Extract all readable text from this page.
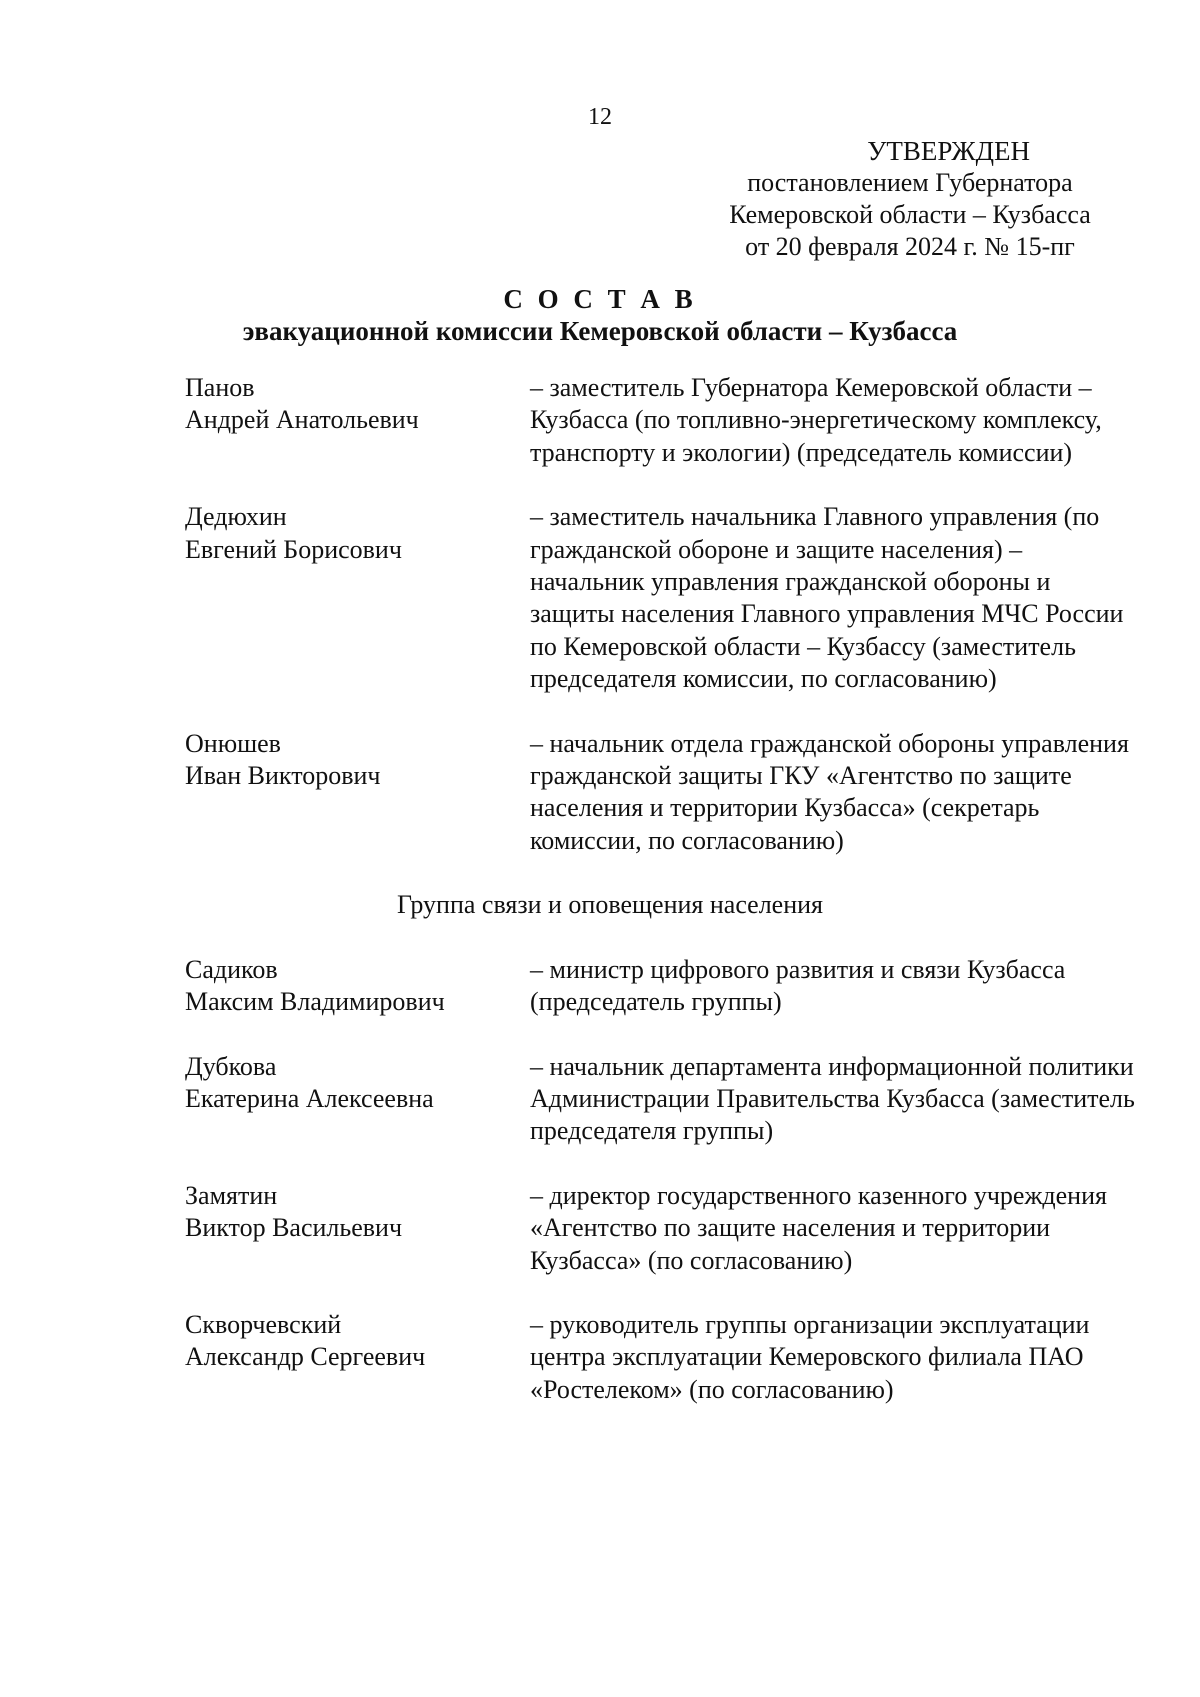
12
УТВЕРЖДЕН
постановлением Губернатора
Кемеровской области – Кузбасса
от 20 февраля 2024 г. № 15-пг
С О С Т А В
эвакуационной комиссии Кемеровской области – Кузбасса
Панов
Андрей Анатольевич
– заместитель Губернатора Кемеровской области – Кузбасса (по топливно-энергетическому комплексу, транспорту и экологии) (председатель комиссии)
Дедюхин
Евгений Борисович
– заместитель начальника Главного управления (по гражданской обороне и защите населения) – начальник управления гражданской обороны и защиты населения Главного управления МЧС России по Кемеровской области – Кузбассу (заместитель председателя комиссии, по согласованию)
Онюшев
Иван Викторович
– начальник отдела гражданской обороны управления гражданской защиты ГКУ «Агентство по защите населения и территории Кузбасса» (секретарь комиссии, по согласованию)
Группа связи и оповещения населения
Садиков
Максим Владимирович
– министр цифрового развития и связи Кузбасса (председатель группы)
Дубкова
Екатерина Алексеевна
– начальник департамента информационной политики Администрации Правительства Кузбасса (заместитель председателя группы)
Замятин
Виктор Васильевич
– директор государственного казенного учреждения «Агентство по защите населения и территории Кузбасса» (по согласованию)
Скворчевский
Александр Сергеевич
– руководитель группы организации эксплуатации центра эксплуатации Кемеровского филиала ПАО «Ростелеком» (по согласованию)
